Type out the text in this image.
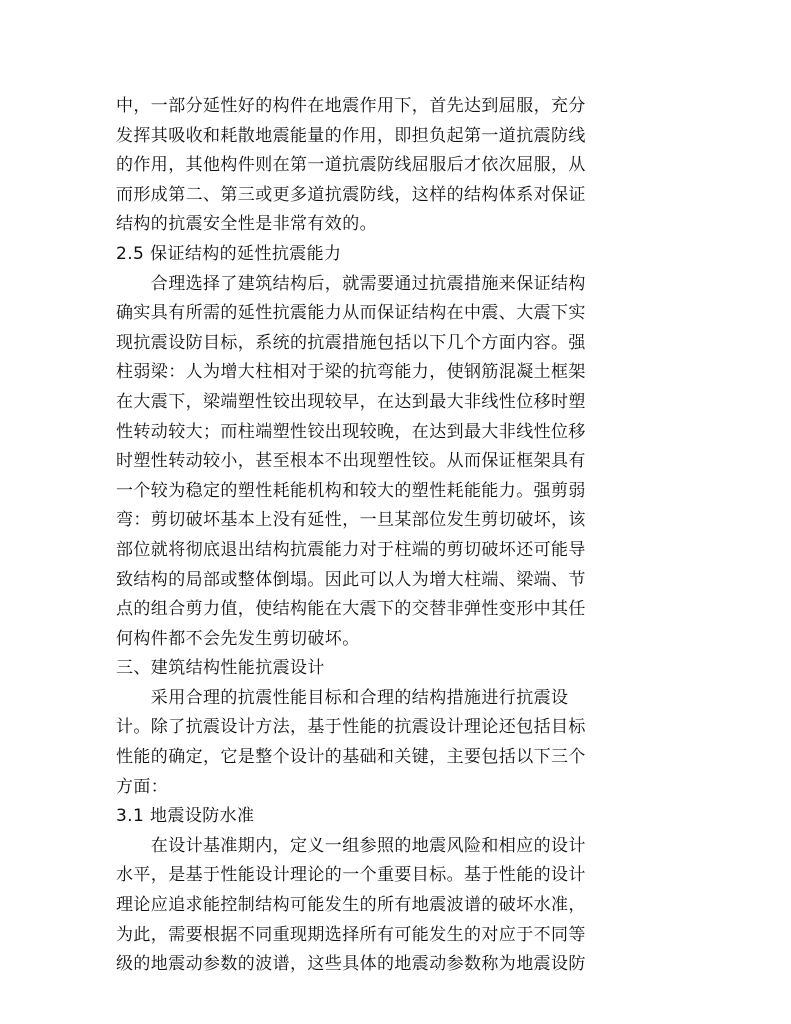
中，一部分延性好的构件在地震作用下，首先达到屈服，充分
发挥其吸收和耗散地震能量的作用，即担负起第一道抗震防线
的作用，其他构件则在第一道抗震防线屈服后才依次屈服，从
而形成第二、第三或更多道抗震防线，这样的结构体系对保证
结构的抗震安全性是非常有效的。
2.5 保证结构的延性抗震能力
　　合理选择了建筑结构后，就需要通过抗震措施来保证结构
确实具有所需的延性抗震能力从而保证结构在中震、大震下实
现抗震设防目标，系统的抗震措施包括以下几个方面内容。强
柱弱梁：人为增大柱相对于梁的抗弯能力，使钢筋混凝土框架
在大震下，梁端塑性铰出现较早，在达到最大非线性位移时塑
性转动较大；而柱端塑性铰出现较晚，在达到最大非线性位移
时塑性转动较小，甚至根本不出现塑性铰。从而保证框架具有
一个较为稳定的塑性耗能机构和较大的塑性耗能能力。强剪弱
弯：剪切破坏基本上没有延性，一旦某部位发生剪切破坏，该
部位就将彻底退出结构抗震能力对于柱端的剪切破坏还可能导
致结构的局部或整体倒塌。因此可以人为增大柱端、梁端、节
点的组合剪力值，使结构能在大震下的交替非弹性变形中其任
何构件都不会先发生剪切破坏。
三、建筑结构性能抗震设计
　　采用合理的抗震性能目标和合理的结构措施进行抗震设
计。除了抗震设计方法，基于性能的抗震设计理论还包括目标
性能的确定，它是整个设计的基础和关键，主要包括以下三个
方面：
3.1 地震设防水准
　　在设计基准期内，定义一组参照的地震风险和相应的设计
水平，是基于性能设计理论的一个重要目标。基于性能的设计
理论应追求能控制结构可能发生的所有地震波谱的破坏水准，
为此，需要根据不同重现期选择所有可能发生的对应于不同等
级的地震动参数的波谱，这些具体的地震动参数称为地震设防
